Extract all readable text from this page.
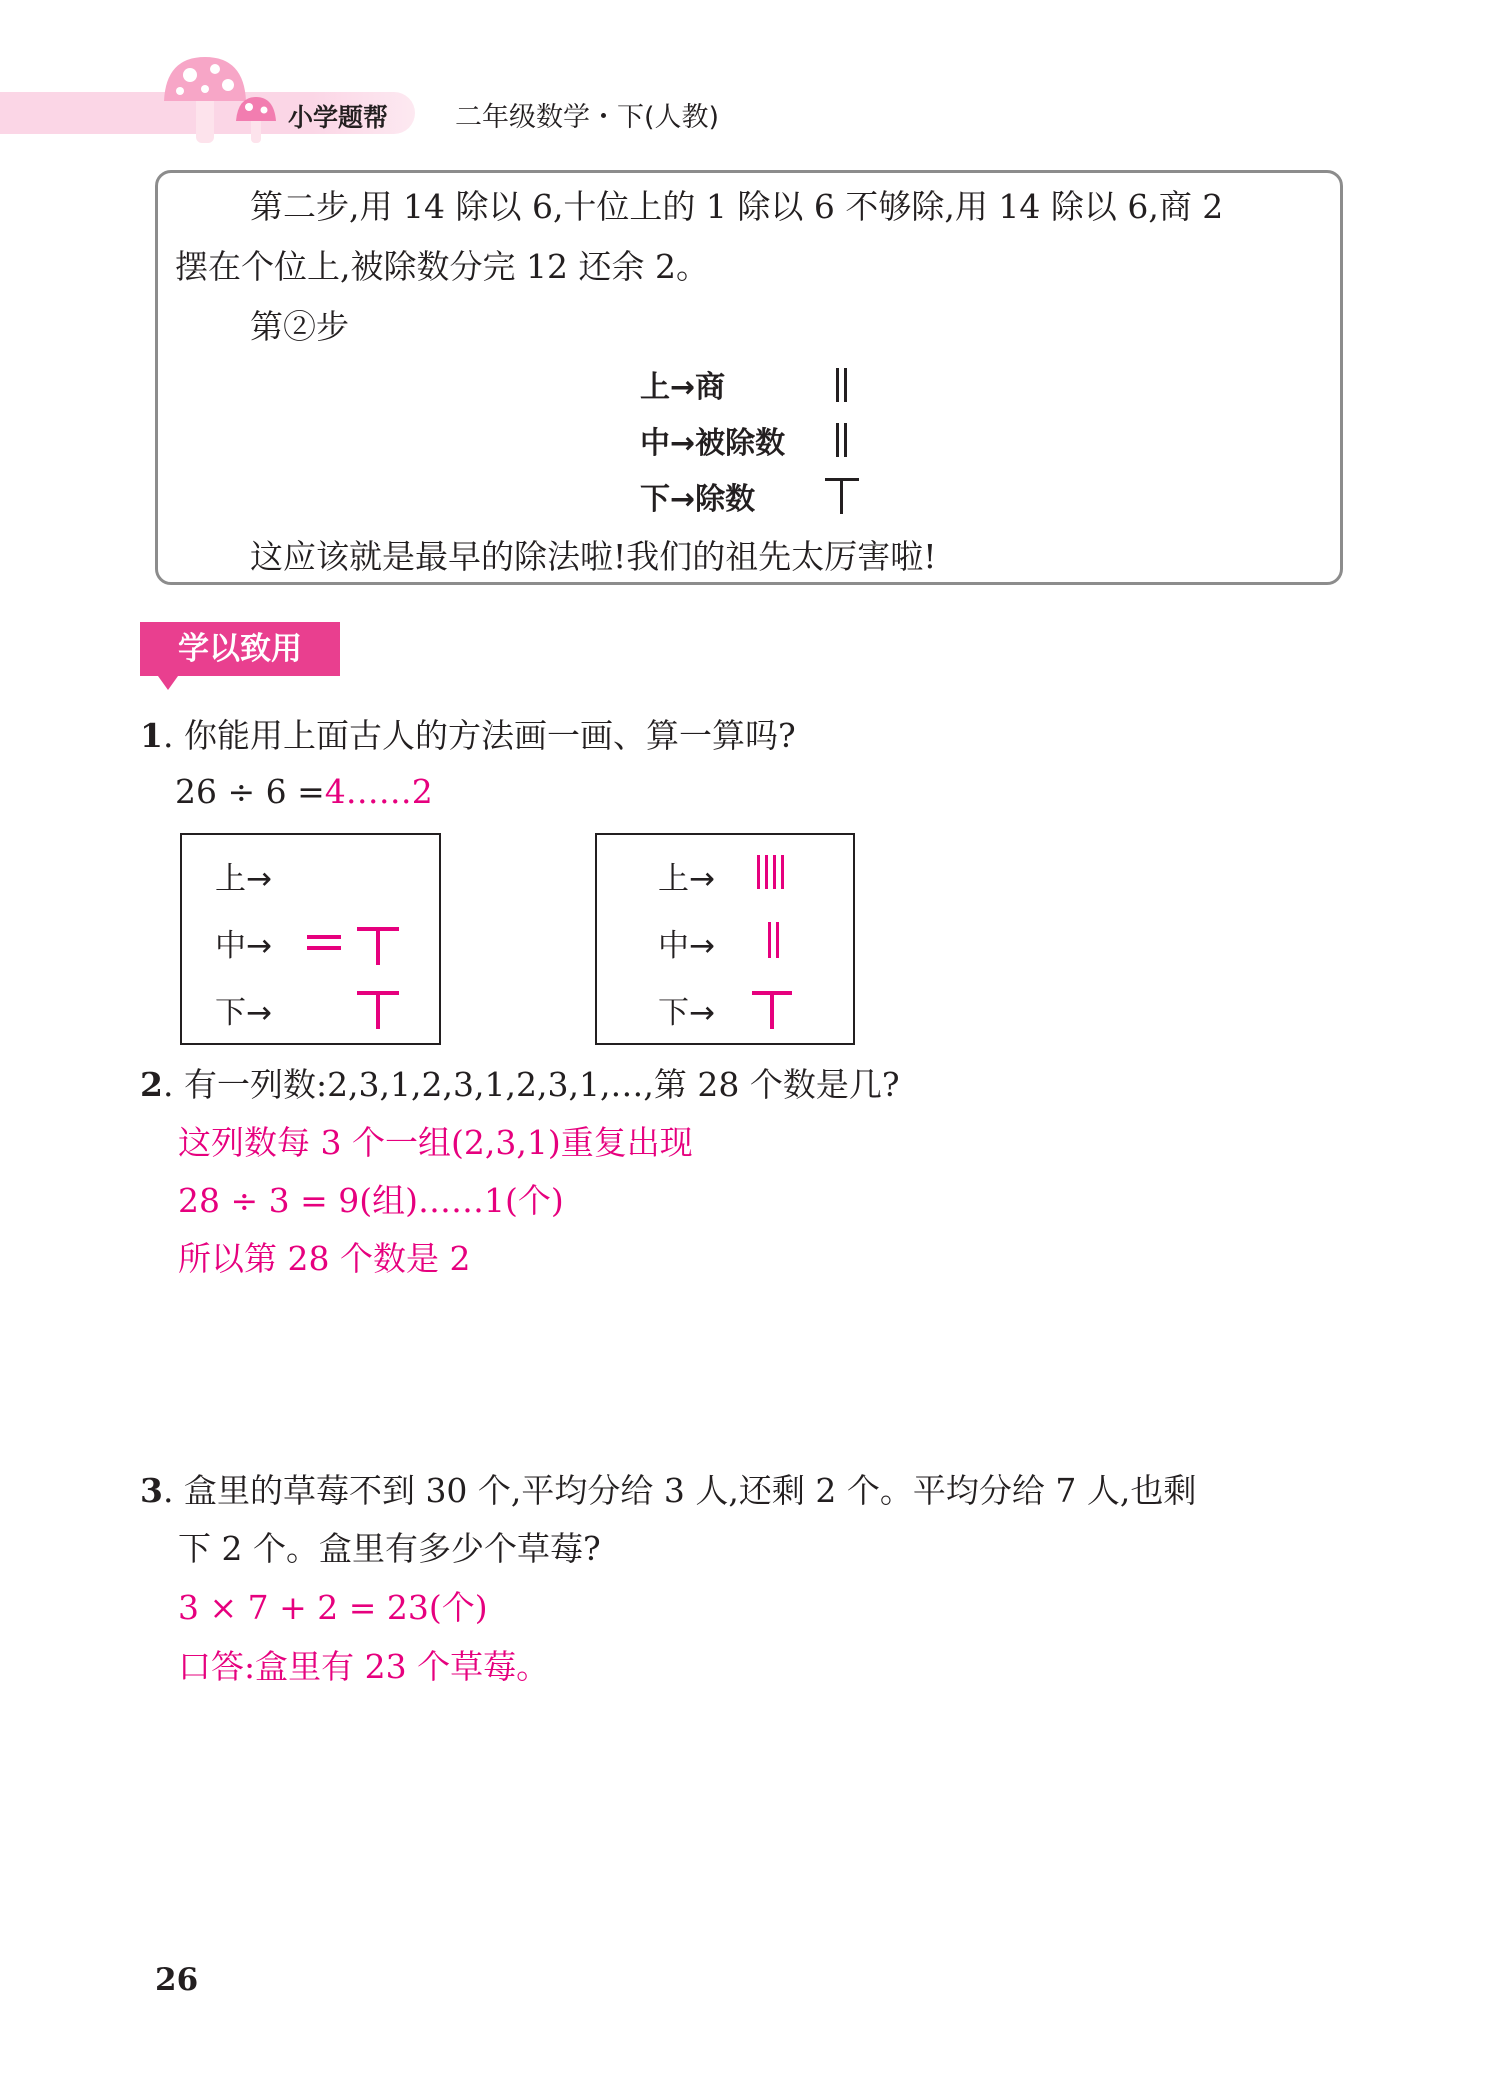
小学题帮 二年级数学・下(人教)
第二步,用 14 除以 6,十位上的 1 除以 6 不够除,用 14 除以 6,商 2
摆在个位上,被除数分完 12 还余 2。
第②步
上→商
中→被除数
下→除数
这应该就是最早的除法啦!我们的祖先太厉害啦!
学以致用
1. 你能用上面古人的方法画一画、算一算吗?
26 ÷ 6 =4……2
上→
中→
下→
上→
中→
下→
2. 有一列数:2,3,1,2,3,1,2,3,1,…,第 28 个数是几?
这列数每 3 个一组(2,3,1)重复出现
28 ÷ 3 = 9(组)……1(个)
所以第 28 个数是 2
3. 盒里的草莓不到 30 个,平均分给 3 人,还剩 2 个。平均分给 7 人,也剩
下 2 个。盒里有多少个草莓?
3 × 7 + 2 = 23(个)
口答:盒里有 23 个草莓。
26
